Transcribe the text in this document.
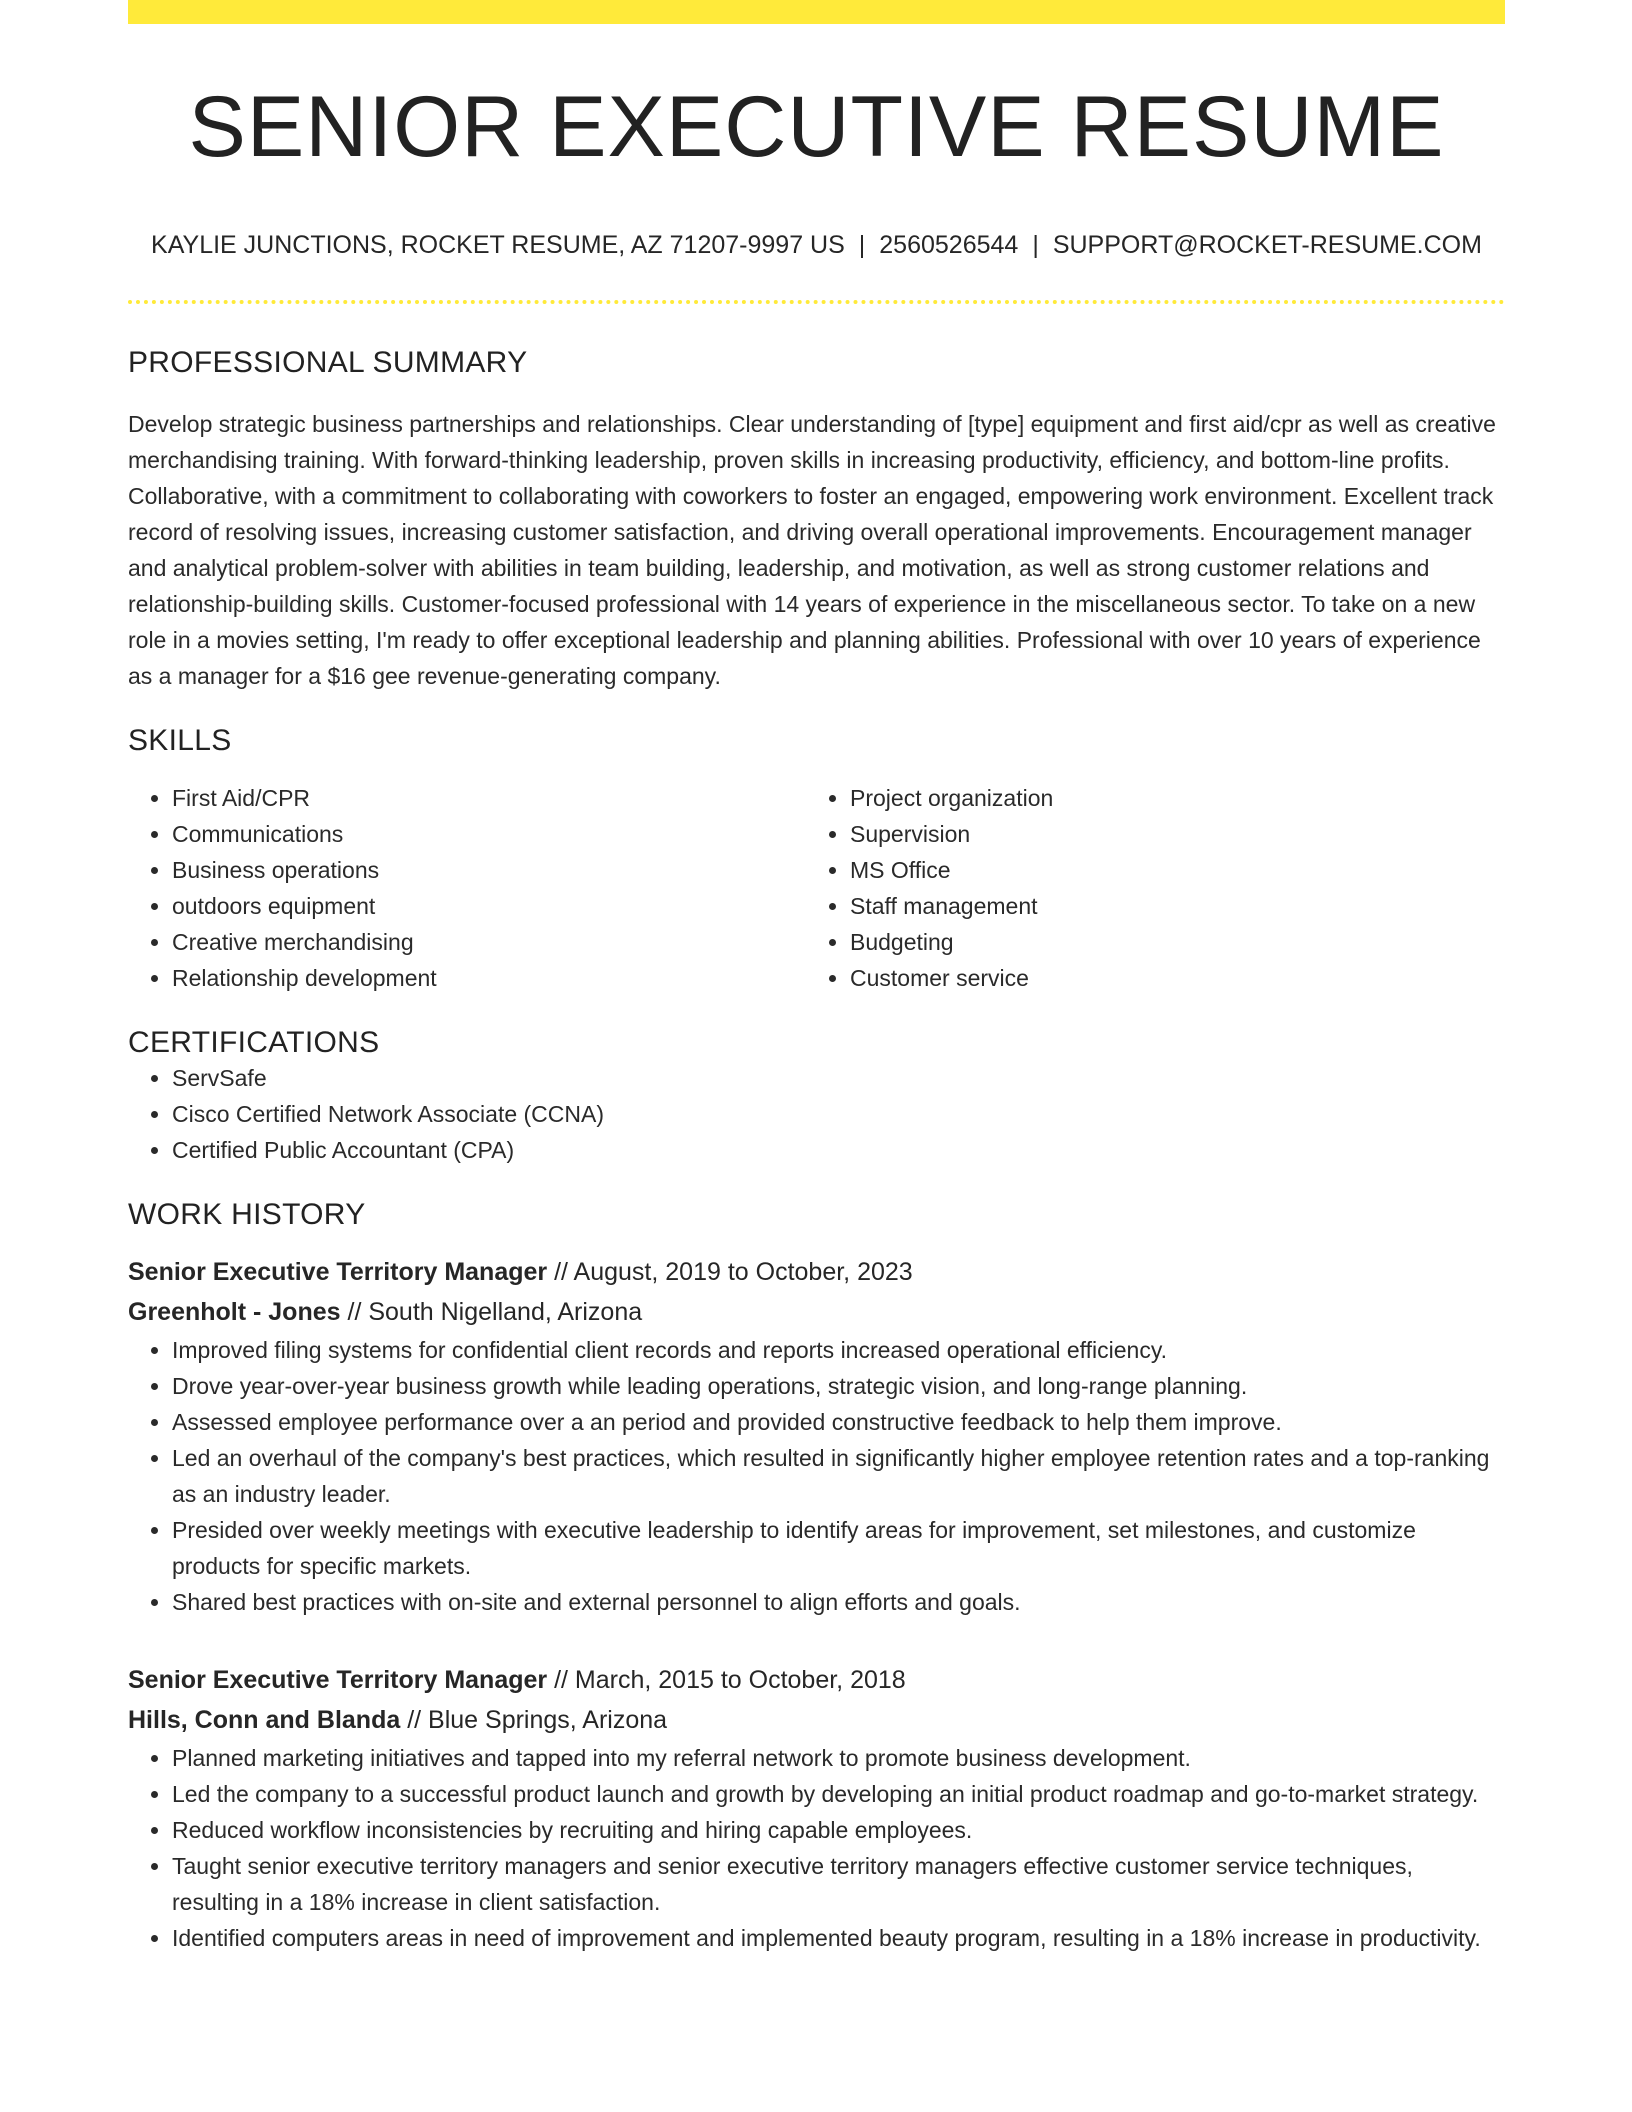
SENIOR EXECUTIVE RESUME
KAYLIE JUNCTIONS, ROCKET RESUME, AZ 71207-9997 US | 2560526544 | SUPPORT@ROCKET-RESUME.COM
PROFESSIONAL SUMMARY

Develop strategic business partnerships and relationships. Clear understanding of [type] equipment and first aid/cpr as well as creative merchandising training. With forward-thinking leadership, proven skills in increasing productivity, efficiency, and bottom-line profits. Collaborative, with a commitment to collaborating with coworkers to foster an engaged, empowering work environment. Excellent track record of resolving issues, increasing customer satisfaction, and driving overall operational improvements. Encouragement manager and analytical problem-solver with abilities in team building, leadership, and motivation, as well as strong customer relations and relationship-building skills. Customer-focused professional with 14 years of experience in the miscellaneous sector. To take on a new role in a movies setting, I'm ready to offer exceptional leadership and planning abilities. Professional with over 10 years of experience as a manager for a $16 gee revenue-generating company.

SKILLS
• First Aid/CPR
• Communications
• Business operations
• outdoors equipment
• Creative merchandising
• Relationship development
• Project organization
• Supervision
• MS Office
• Staff management
• Budgeting
• Customer service
CERTIFICATIONS
• ServSafe
• Cisco Certified Network Associate (CCNA)
• Certified Public Accountant (CPA)
WORK HISTORY
Senior Executive Territory Manager // August, 2019 to October, 2023
Greenholt - Jones // South Nigelland, Arizona
• Improved filing systems for confidential client records and reports increased operational efficiency.
• Drove year-over-year business growth while leading operations, strategic vision, and long-range planning.
• Assessed employee performance over a an period and provided constructive feedback to help them improve.
• Led an overhaul of the company's best practices, which resulted in significantly higher employee retention rates and a top-ranking as an industry leader.
• Presided over weekly meetings with executive leadership to identify areas for improvement, set milestones, and customize products for specific markets.
• Shared best practices with on-site and external personnel to align efforts and goals.
Senior Executive Territory Manager // March, 2015 to October, 2018
Hills, Conn and Blanda // Blue Springs, Arizona
• Planned marketing initiatives and tapped into my referral network to promote business development.
• Led the company to a successful product launch and growth by developing an initial product roadmap and go-to-market strategy.
• Reduced workflow inconsistencies by recruiting and hiring capable employees.
• Taught senior executive territory managers and senior executive territory managers effective customer service techniques, resulting in a 18% increase in client satisfaction.
• Identified computers areas in need of improvement and implemented beauty program, resulting in a 18% increase in productivity.
